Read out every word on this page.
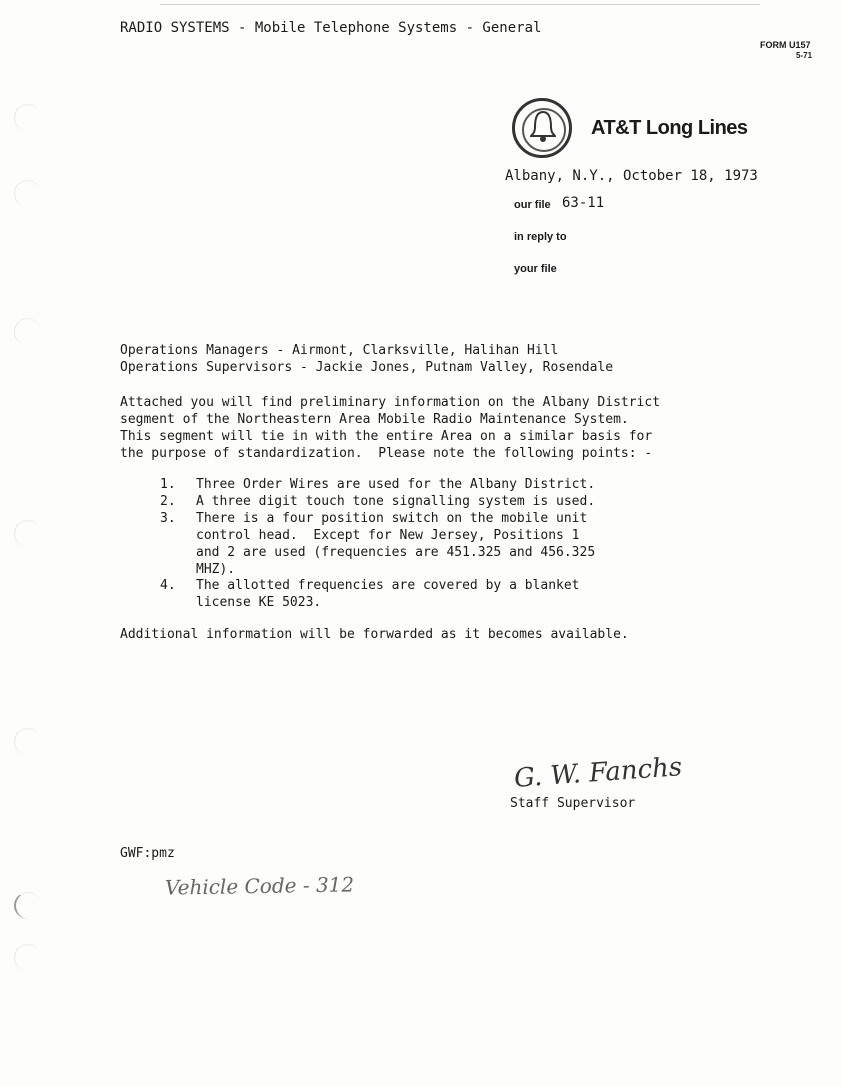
RADIO SYSTEMS - Mobile Telephone Systems - General
FORM U157
5-71
AT&T Long Lines
Albany, N.Y., October 18, 1973
our file 63-11
in reply to
your file
Operations Managers - Airmont, Clarksville, Halihan Hill
Operations Supervisors - Jackie Jones, Putnam Valley, Rosendale
Attached you will find preliminary information on the Albany District
segment of the Northeastern Area Mobile Radio Maintenance System.
This segment will tie in with the entire Area on a similar basis for
the purpose of standardization.  Please note the following points: -
1. Three Order Wires are used for the Albany District.
2. A three digit touch tone signalling system is used.
3. There is a four position switch on the mobile unit
control head.  Except for New Jersey, Positions 1
and 2 are used (frequencies are 451.325 and 456.325
MHZ).
4. The allotted frequencies are covered by a blanket
license KE 5023.
Additional information will be forwarded as it becomes available.
G. W. Fanchs
Staff Supervisor
GWF:pmz
Vehicle Code - 312
